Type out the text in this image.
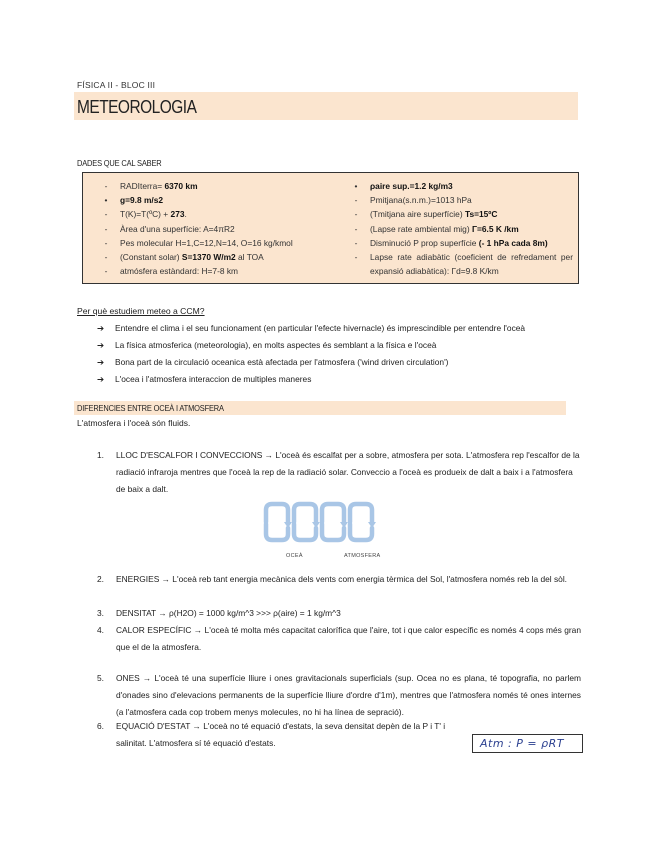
FÍSICA II - BLOC III
METEOROLOGIA
DADES QUE CAL SABER
-	RADIterra= 6370 km
•	g=9.8 m/s2
-	T(K)=T(ºC) + 273.
-	Àrea d'una superfície: A=4πR2
-	Pes molecular H=1,C=12,N=14, O=16 kg/kmol
-	(Constant solar) S=1370 W/m2 al TOA
-	atmósfera estàndard: H=7-8 km
•	ρaire sup.=1.2 kg/m3
-	Pmitjana(s.n.m.)=1013 hPa
-	(Tmitjana aire superfície) Ts=15ºC
-	(Lapse rate ambiental mig) Γ=6.5 K /km
-	Disminució P prop superfície (- 1 hPa cada 8m)
-	Lapse rate adiabàtic (coeficient de refredament per expansió adiabàtica): Γd=9.8 K/km
Per què estudiem meteo a CCM?
➔ Entendre el clima i el seu funcionament (en particular l'efecte hivernacle) és imprescindible per entendre l'oceà
➔ La física atmosferica (meteorologia), en molts aspectes és semblant a la física e l'oceà
➔ Bona part de la circulació oceanica està afectada per l'atmosfera ('wind driven circulation')
➔ L'ocea i l'atmosfera interaccion de multiples maneres
DIFERENCIES ENTRE OCEÀ I ATMOSFERA
L'atmosfera i l'oceà són fluids.
1.	LLOC D'ESCALFOR I CONVECCIONS → L'oceà és escalfat per a sobre, atmosfera per sota. L'atmosfera rep l'escalfor de la radiació infraroja mentres que l'oceà la rep de la radiació solar. Conveccio a l'oceà es produeix de dalt a baix i a l'atmosfera de baix a dalt.
OCEÀ	ATMOSFERA
2.	ENERGIES → L'oceà reb tant energia mecànica dels vents com energia tèrmica del Sol, l'atmosfera només reb la del sòl.
3.	DENSITAT → ρ(H2O) = 1000 kg/m^3 >>> ρ(aire) = 1 kg/m^3
4.	CALOR ESPECÍFIC → L'oceà té molta més capacitat calorífica que l'aire, tot i que calor específic es només 4 cops més gran que el de la atmosfera.
5.	ONES → L'oceà té una superfície lliure i ones gravitacionals superficials (sup. Ocea no es plana, té topografia, no parlem d'onades sino d'elevacions permanents de la superfície lliure d'ordre d'1m), mentres que l'atmosfera només té ones internes (a l'atmosfera cada cop trobem menys molecules, no hi ha línea de sepració).
6.	EQUACIÓ D'ESTAT → L'oceà no té equació d'estats, la seva densitat depèn de la P i T' i salinitat. L'atmosfera sí té equació d'estats.	Atm : P = ρRT
